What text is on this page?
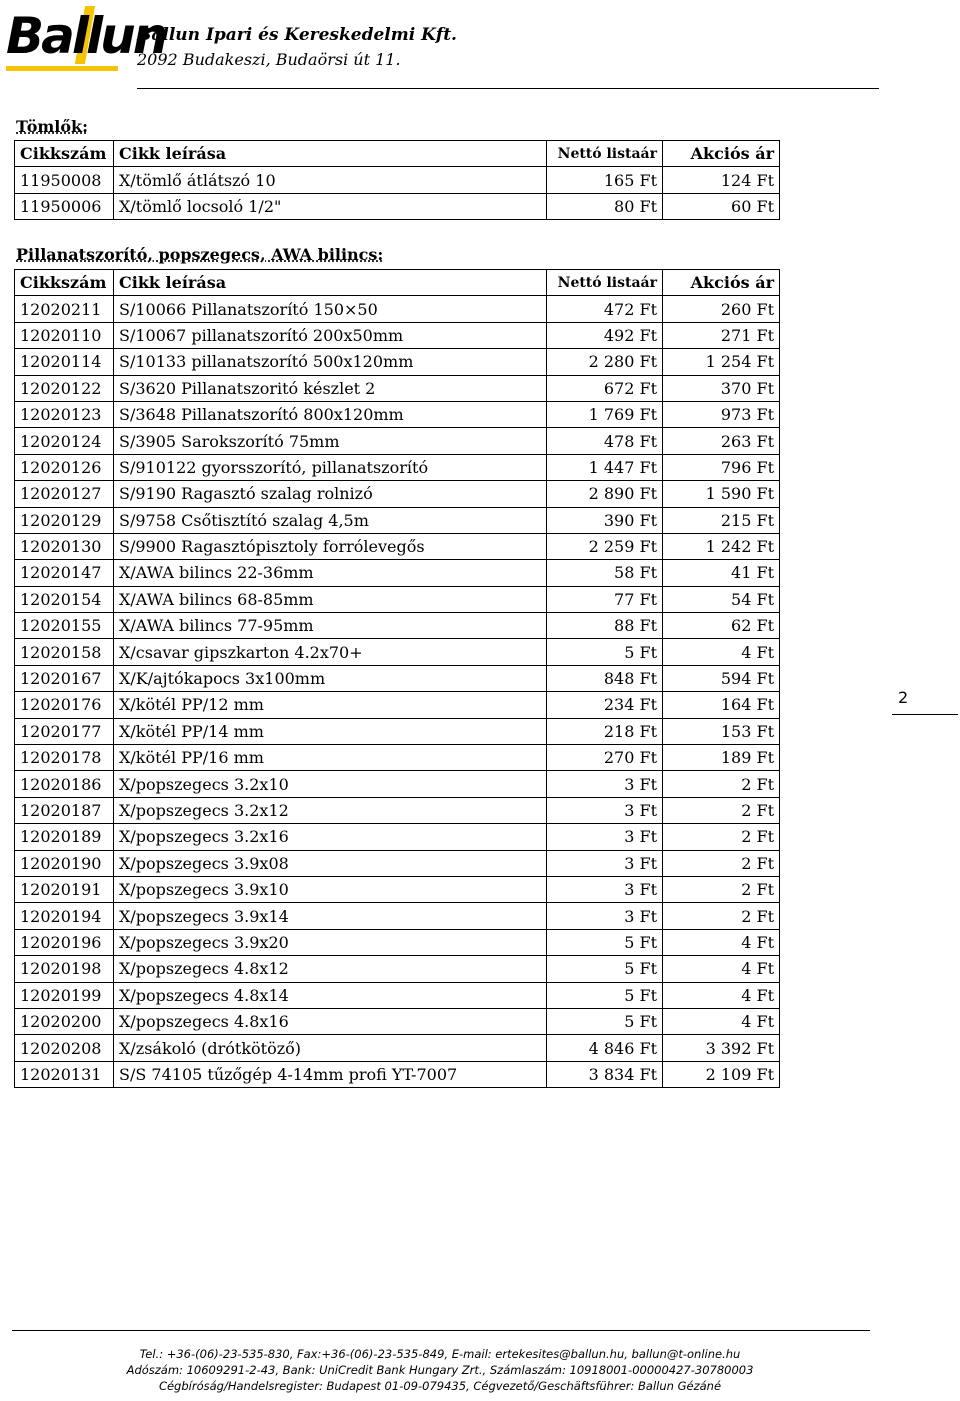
Ballun
Ballun Ipari és Kereskedelmi Kft.
2092 Budakeszi, Budaörsi út 11.
Tömlők:
Cikkszám	Cikk leírása	Nettó listaár	Akciós ár
11950008	X/tömlő átlátszó 10	165 Ft	124 Ft
11950006	X/tömlő locsoló 1/2"	80 Ft	60 Ft
Pillanatszorító, popszegecs, AWA bilincs:
Cikkszám	Cikk leírása	Nettó listaár	Akciós ár
12020211	S/10066 Pillanatszorító 150×50	472 Ft	260 Ft
12020110	S/10067 pillanatszorító 200x50mm	492 Ft	271 Ft
12020114	S/10133 pillanatszorító 500x120mm	2 280 Ft	1 254 Ft
12020122	S/3620 Pillanatszoritó készlet 2	672 Ft	370 Ft
12020123	S/3648 Pillanatszorító 800x120mm	1 769 Ft	973 Ft
12020124	S/3905 Sarokszorító 75mm	478 Ft	263 Ft
12020126	S/910122 gyorsszorító, pillanatszorító	1 447 Ft	796 Ft
12020127	S/9190 Ragasztó szalag rolnizó	2 890 Ft	1 590 Ft
12020129	S/9758 Csőtisztító szalag 4,5m	390 Ft	215 Ft
12020130	S/9900 Ragasztópisztoly forrólevegős	2 259 Ft	1 242 Ft
12020147	X/AWA bilincs 22-36mm	58 Ft	41 Ft
12020154	X/AWA bilincs 68-85mm	77 Ft	54 Ft
12020155	X/AWA bilincs 77-95mm	88 Ft	62 Ft
12020158	X/csavar gipszkarton 4.2x70+	5 Ft	4 Ft
12020167	X/K/ajtókapocs 3x100mm	848 Ft	594 Ft
12020176	X/kötél PP/12 mm	234 Ft	164 Ft
12020177	X/kötél PP/14 mm	218 Ft	153 Ft
12020178	X/kötél PP/16 mm	270 Ft	189 Ft
12020186	X/popszegecs 3.2x10	3 Ft	2 Ft
12020187	X/popszegecs 3.2x12	3 Ft	2 Ft
12020189	X/popszegecs 3.2x16	3 Ft	2 Ft
12020190	X/popszegecs 3.9x08	3 Ft	2 Ft
12020191	X/popszegecs 3.9x10	3 Ft	2 Ft
12020194	X/popszegecs 3.9x14	3 Ft	2 Ft
12020196	X/popszegecs 3.9x20	5 Ft	4 Ft
12020198	X/popszegecs 4.8x12	5 Ft	4 Ft
12020199	X/popszegecs 4.8x14	5 Ft	4 Ft
12020200	X/popszegecs 4.8x16	5 Ft	4 Ft
12020208	X/zsákoló (drótkötöző)	4 846 Ft	3 392 Ft
12020131	S/S 74105 tűzőgép 4-14mm profi YT-7007	3 834 Ft	2 109 Ft
2
Tel.: +36-(06)-23-535-830, Fax:+36-(06)-23-535-849, E-mail: ertekesites@ballun.hu, ballun@t-online.hu
Adószám: 10609291-2-43, Bank: UniCredit Bank Hungary Zrt., Számlaszám: 10918001-00000427-30780003
Cégbíróság/Handelsregister: Budapest 01-09-079435, Cégvezető/Geschäftsführer: Ballun Gézáné
